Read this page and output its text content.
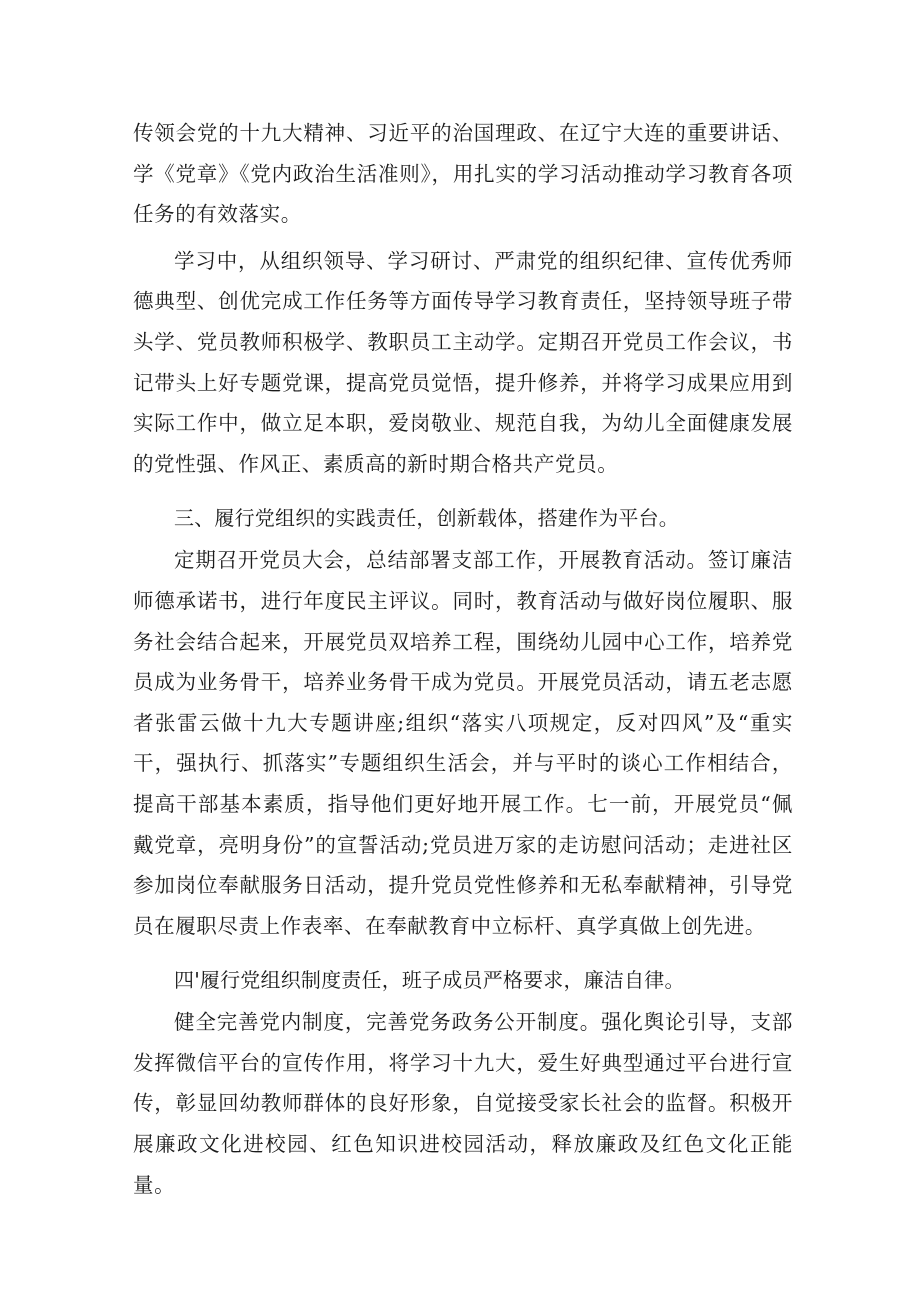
传领会党的十九大精神、习近平的治国理政、在辽宁大连的重要讲话、学《党章》《党内政治生活准则》，用扎实的学习活动推动学习教育各项任务的有效落实。

学习中，从组织领导、学习研讨、严肃党的组织纪律、宣传优秀师德典型、创优完成工作任务等方面传导学习教育责任，坚持领导班子带头学、党员教师积极学、教职员工主动学。定期召开党员工作会议，书记带头上好专题党课，提高党员觉悟，提升修养，并将学习成果应用到实际工作中，做立足本职，爱岗敬业、规范自我，为幼儿全面健康发展的党性强、作风正、素质高的新时期合格共产党员。

三、履行党组织的实践责任，创新载体，搭建作为平台。

定期召开党员大会，总结部署支部工作，开展教育活动。签订廉洁师德承诺书，进行年度民主评议。同时，教育活动与做好岗位履职、服务社会结合起来，开展党员双培养工程，围绕幼儿园中心工作，培养党员成为业务骨干，培养业务骨干成为党员。开展党员活动，请五老志愿者张雷云做十九大专题讲座;组织“落实八项规定，反对四风”及“重实干，强执行、抓落实”专题组织生活会，并与平时的谈心工作相结合，提高干部基本素质，指导他们更好地开展工作。七一前，开展党员“佩戴党章，亮明身份”的宣誓活动;党员进万家的走访慰问活动；走进社区参加岗位奉献服务日活动，提升党员党性修养和无私奉献精神，引导党员在履职尽责上作表率、在奉献教育中立标杆、真学真做上创先进。

四'履行党组织制度责任，班子成员严格要求，廉洁自律。

健全完善党内制度，完善党务政务公开制度。强化舆论引导，支部发挥微信平台的宣传作用，将学习十九大，爱生好典型通过平台进行宣传，彰显回幼教师群体的良好形象，自觉接受家长社会的监督。积极开展廉政文化进校园、红色知识进校园活动，释放廉政及红色文化正能量。
